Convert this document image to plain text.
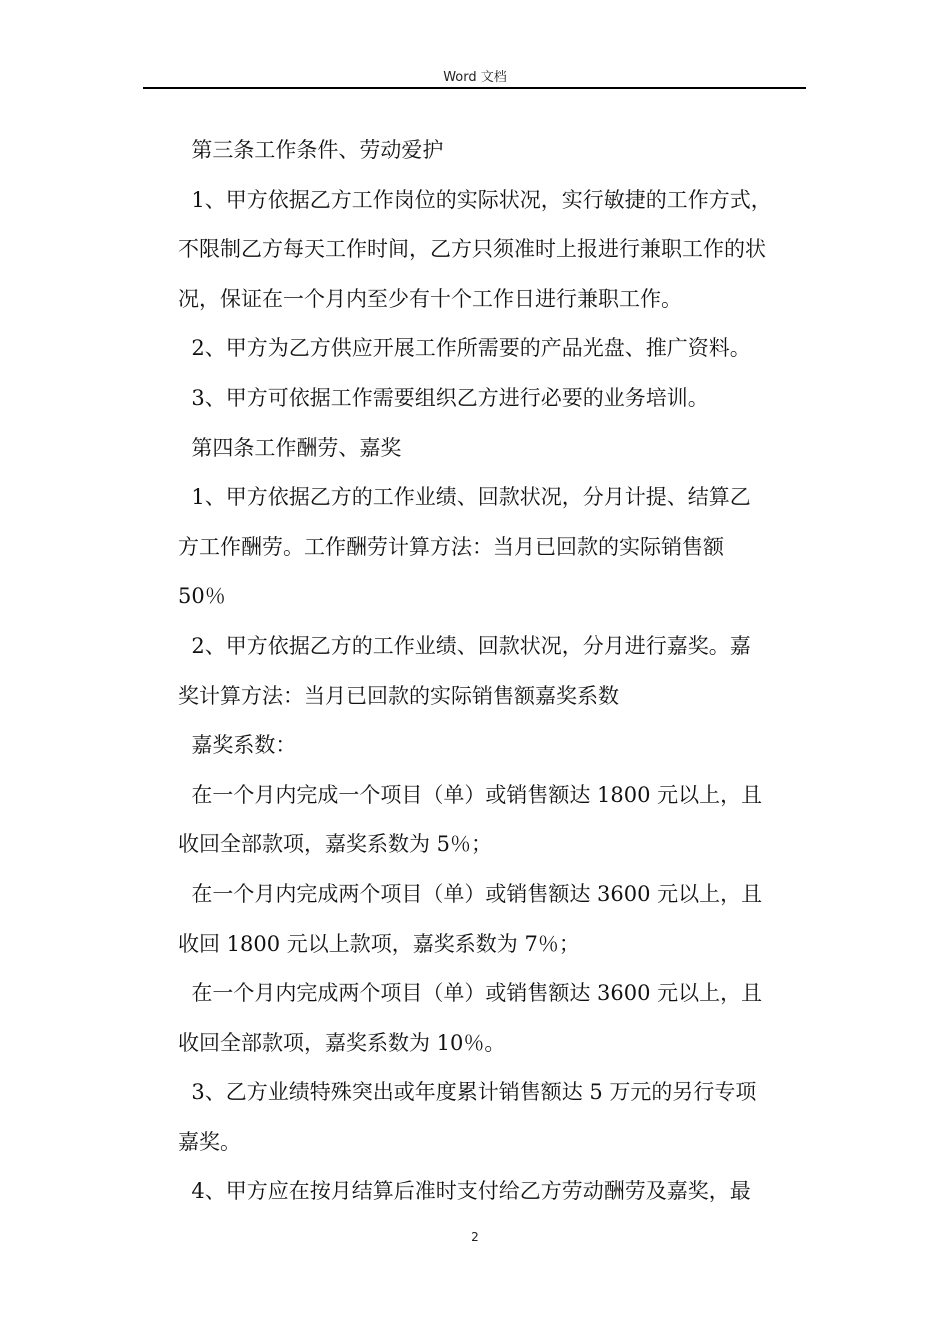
Word 文档

第三条工作条件、劳动爱护

1、甲方依据乙方工作岗位的实际状况，实行敏捷的工作方式，

不限制乙方每天工作时间，乙方只须准时上报进行兼职工作的状

况，保证在一个月内至少有十个工作日进行兼职工作。

2、甲方为乙方供应开展工作所需要的产品光盘、推广资料。

3、甲方可依据工作需要组织乙方进行必要的业务培训。

第四条工作酬劳、嘉奖

1、甲方依据乙方的工作业绩、回款状况，分月计提、结算乙

方工作酬劳。工作酬劳计算方法：当月已回款的实际销售额

50％

2、甲方依据乙方的工作业绩、回款状况，分月进行嘉奖。嘉

奖计算方法：当月已回款的实际销售额嘉奖系数

嘉奖系数：

在一个月内完成一个项目（单）或销售额达 1800 元以上，且

收回全部款项，嘉奖系数为 5％；

在一个月内完成两个项目（单）或销售额达 3600 元以上，且

收回 1800 元以上款项，嘉奖系数为 7％；

在一个月内完成两个项目（单）或销售额达 3600 元以上，且

收回全部款项，嘉奖系数为 10％。

3、乙方业绩特殊突出或年度累计销售额达 5 万元的另行专项

嘉奖。

4、甲方应在按月结算后准时支付给乙方劳动酬劳及嘉奖，最

2
